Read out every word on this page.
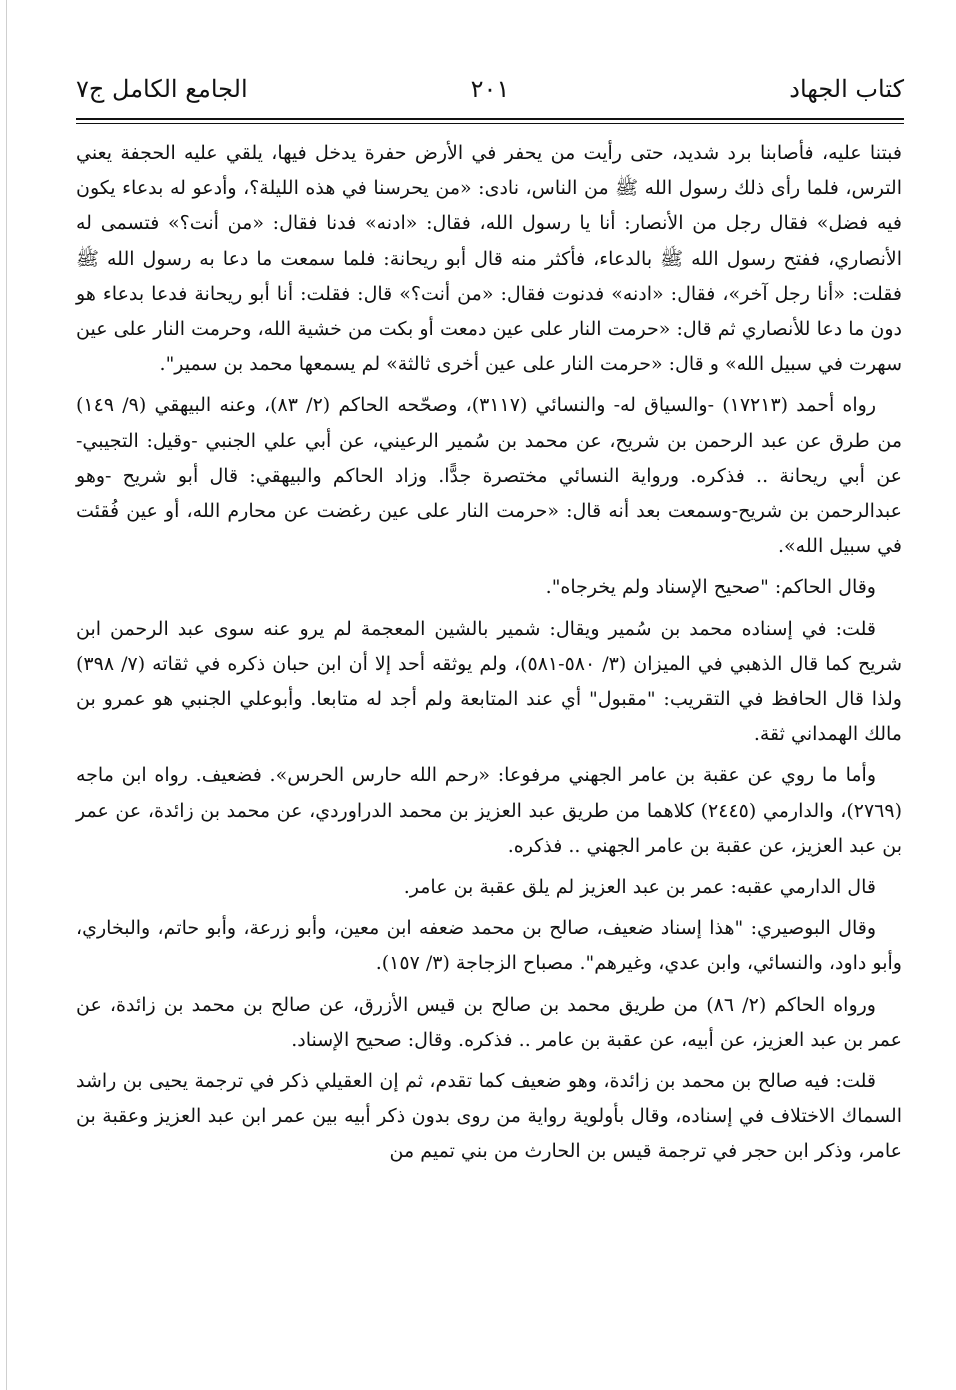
كتاب الجهاد
٢٠١
الجامع الكامل ج٧

فبتنا عليه، فأصابنا برد شديد، حتى رأيت من يحفر في الأرض حفرة يدخل فيها، يلقي عليه الحجفة يعني الترس، فلما رأى ذلك رسول الله ﷺ من الناس، نادى: «من يحرسنا في هذه الليلة؟، وأدعو له بدعاء يكون فيه فضل» فقال رجل من الأنصار: أنا يا رسول الله، فقال: «ادنه» فدنا فقال: «من أنت؟» فتسمى له الأنصاري، ففتح رسول الله ﷺ بالدعاء، فأكثر منه قال أبو ريحانة: فلما سمعت ما دعا به رسول الله ﷺ فقلت: «أنا رجل آخر»، فقال: «ادنه» فدنوت فقال: «من أنت؟» قال: فقلت: أنا أبو ريحانة فدعا بدعاء هو دون ما دعا للأنصاري ثم قال: «حرمت النار على عين دمعت أو بكت من خشية الله، وحرمت النار على عين سهرت في سبيل الله» و قال: «حرمت النار على عين أخرى ثالثة» لم يسمعها محمد بن سمير".

رواه أحمد (١٧٢١٣) -والسياق له- والنسائي (٣١١٧)، وصحّحه الحاكم (٢/ ٨٣)، وعنه البيهقي (٩/ ١٤٩) من طرق عن عبد الرحمن بن شريح، عن محمد بن سُمير الرعيني، عن أبي علي الجنبي -وقيل: التجيبي- عن أبي ريحانة .. فذكره. ورواية النسائي مختصرة جدًّا. وزاد الحاكم والبيهقي: قال أبو شريح -وهو عبدالرحمن بن شريح-وسمعت بعد أنه قال: «حرمت النار على عين رغضت عن محارم الله، أو عين فُقئت في سبيل الله».

وقال الحاكم: "صحيح الإسناد ولم يخرجاه".

قلت: في إسناده محمد بن سُمير ويقال: شمير بالشين المعجمة لم يرو عنه سوى عبد الرحمن ابن شريح كما قال الذهبي في الميزان (٣/ ٥٨٠-٥٨١)، ولم يوثقه أحد إلا أن ابن حبان ذكره في ثقاته (٧/ ٣٩٨) ولذا قال الحافظ في التقريب: "مقبول" أي عند المتابعة ولم أجد له متابعا. وأبوعلي الجنبي هو عمرو بن مالك الهمداني ثقة.

وأما ما روي عن عقبة بن عامر الجهني مرفوعا: «رحم الله حارس الحرس». فضعيف. رواه ابن ماجه (٢٧٦٩)، والدارمي (٢٤٤٥) كلاهما من طريق عبد العزيز بن محمد الدراوردي، عن محمد بن زائدة، عن عمر بن عبد العزيز، عن عقبة بن عامر الجهني .. فذكره.

قال الدارمي عقبه: عمر بن عبد العزيز لم يلق عقبة بن عامر.

وقال البوصيري: "هذا إسناد ضعيف، صالح بن محمد ضعفه ابن معين، وأبو زرعة، وأبو حاتم، والبخاري، وأبو داود، والنسائي، وابن عدي، وغيرهم". مصباح الزجاجة (٣/ ١٥٧).

ورواه الحاكم (٢/ ٨٦) من طريق محمد بن صالح بن قيس الأزرق، عن صالح بن محمد بن زائدة، عن عمر بن عبد العزيز، عن أبيه، عن عقبة بن عامر .. فذكره. وقال: صحيح الإسناد.

قلت: فيه صالح بن محمد بن زائدة، وهو ضعيف كما تقدم، ثم إن العقيلي ذكر في ترجمة يحيى بن راشد السماك الاختلاف في إسناده، وقال بأولوية رواية من روى بدون ذكر أبيه بين عمر ابن عبد العزيز وعقبة بن عامر، وذكر ابن حجر في ترجمة قيس بن الحارث من بني تميم من
